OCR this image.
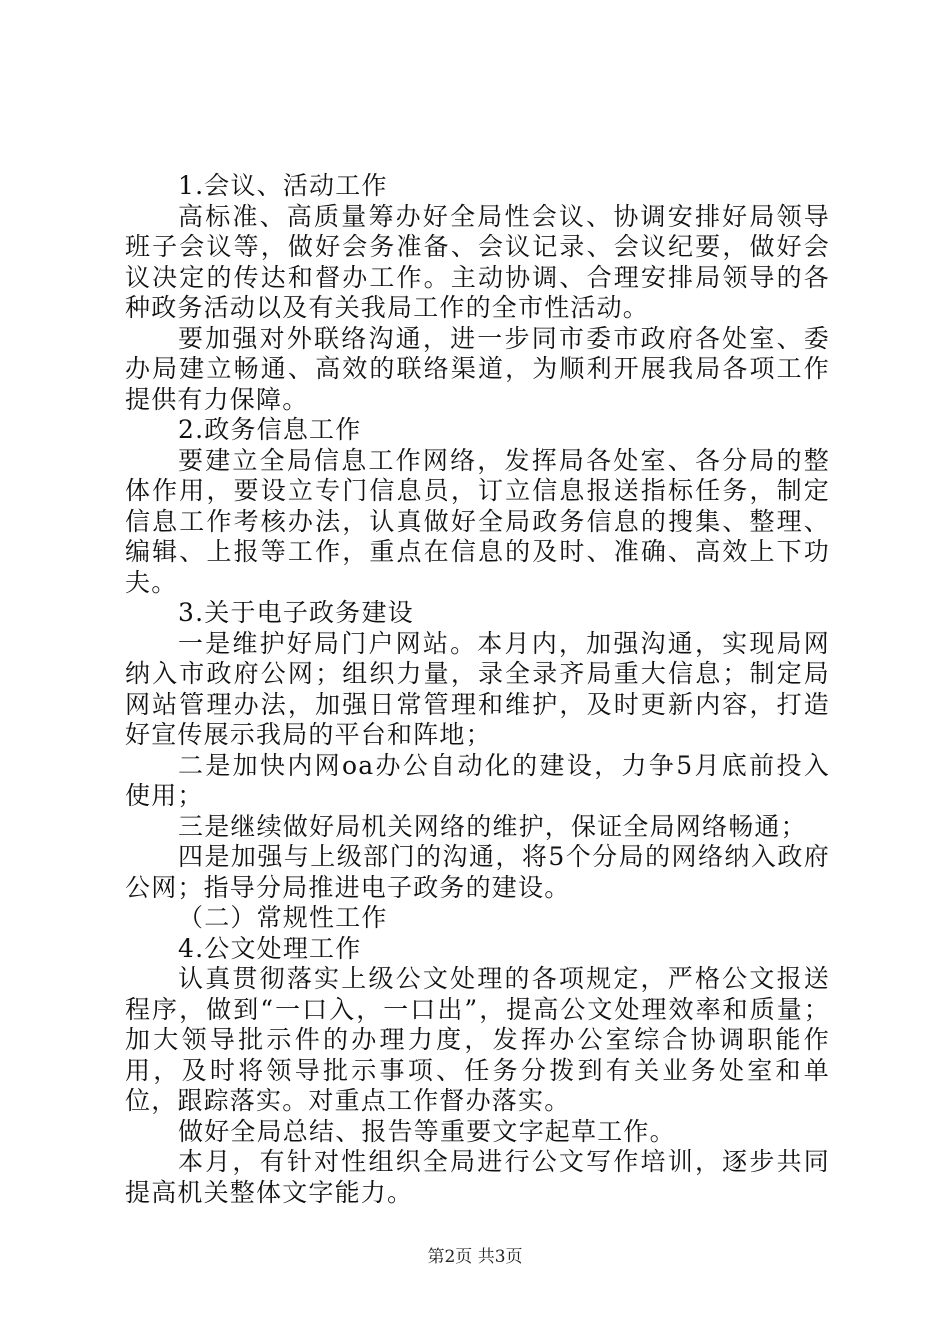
1.会议、活动工作

高标准、高质量筹办好全局性会议、协调安排好局领导班子会议等，做好会务准备、会议记录、会议纪要，做好会议决定的传达和督办工作。主动协调、合理安排局领导的各种政务活动以及有关我局工作的全市性活动。

要加强对外联络沟通，进一步同市委市政府各处室、委办局建立畅通、高效的联络渠道，为顺利开展我局各项工作提供有力保障。

2.政务信息工作

要建立全局信息工作网络，发挥局各处室、各分局的整体作用，要设立专门信息员，订立信息报送指标任务，制定信息工作考核办法，认真做好全局政务信息的搜集、整理、编辑、上报等工作，重点在信息的及时、准确、高效上下功夫。

3.关于电子政务建设

一是维护好局门户网站。本月内，加强沟通，实现局网纳入市政府公网；组织力量，录全录齐局重大信息；制定局网站管理办法，加强日常管理和维护，及时更新内容，打造好宣传展示我局的平台和阵地；

二是加快内网oa办公自动化的建设，力争5月底前投入使用；

三是继续做好局机关网络的维护，保证全局网络畅通；

四是加强与上级部门的沟通，将5个分局的网络纳入政府公网；指导分局推进电子政务的建设。

（二）常规性工作

4.公文处理工作

认真贯彻落实上级公文处理的各项规定，严格公文报送程序，做到“一口入，一口出”，提高公文处理效率和质量；加大领导批示件的办理力度，发挥办公室综合协调职能作用，及时将领导批示事项、任务分拨到有关业务处室和单位，跟踪落实。对重点工作督办落实。

做好全局总结、报告等重要文字起草工作。

本月，有针对性组织全局进行公文写作培训，逐步共同提高机关整体文字能力。

第2页 共3页
